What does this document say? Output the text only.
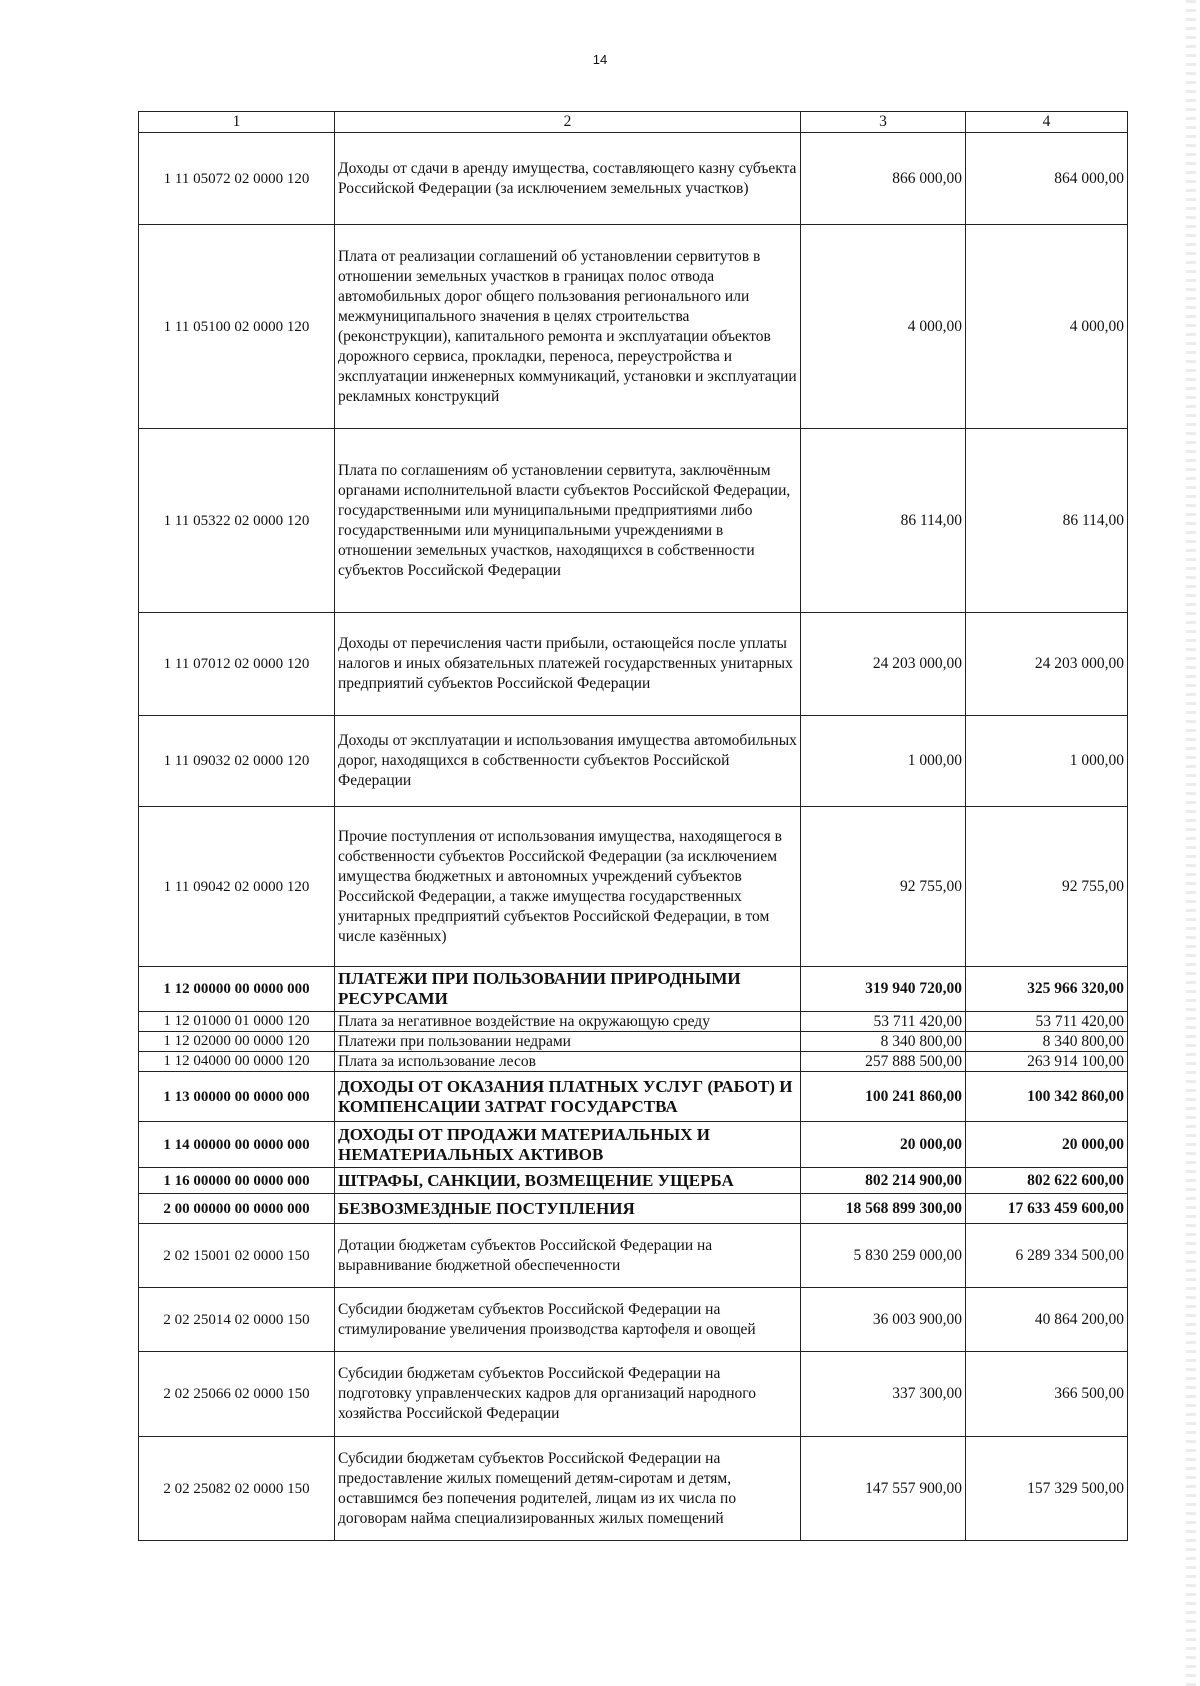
14
1	2	3	4
1 11 05072 02 0000 120	Доходы от сдачи в аренду имущества, составляющего казну субъекта Российской Федерации (за исключением земельных участков)	866 000,00	864 000,00
1 11 05100 02 0000 120	Плата от реализации соглашений об установлении сервитутов в отношении земельных участков в границах полос отвода автомобильных дорог общего пользования регионального или межмуниципального значения в целях строительства (реконструкции), капитального ремонта и эксплуатации объектов дорожного сервиса, прокладки, переноса, переустройства и эксплуатации инженерных коммуникаций, установки и эксплуатации рекламных конструкций	4 000,00	4 000,00
1 11 05322 02 0000 120	Плата по соглашениям об установлении сервитута, заключённым органами исполнительной власти субъектов Российской Федерации, государственными или муниципальными предприятиями либо государственными или муниципальными учреждениями в отношении земельных участков, находящихся в собственности субъектов Российской Федерации	86 114,00	86 114,00
1 11 07012 02 0000 120	Доходы от перечисления части прибыли, остающейся после уплаты налогов и иных обязательных платежей государственных унитарных предприятий субъектов Российской Федерации	24 203 000,00	24 203 000,00
1 11 09032 02 0000 120	Доходы от эксплуатации и использования имущества автомобильных дорог, находящихся в собственности субъектов Российской Федерации	1 000,00	1 000,00
1 11 09042 02 0000 120	Прочие поступления от использования имущества, находящегося в собственности субъектов Российской Федерации (за исключением имущества бюджетных и автономных учреждений субъектов Российской Федерации, а также имущества государственных унитарных предприятий субъектов Российской Федерации, в том числе казённых)	92 755,00	92 755,00
1 12 00000 00 0000 000	ПЛАТЕЖИ ПРИ ПОЛЬЗОВАНИИ ПРИРОДНЫМИ РЕСУРСАМИ	319 940 720,00	325 966 320,00
1 12 01000 01 0000 120	Плата за негативное воздействие на окружающую среду	53 711 420,00	53 711 420,00
1 12 02000 00 0000 120	Платежи при пользовании недрами	8 340 800,00	8 340 800,00
1 12 04000 00 0000 120	Плата за использование лесов	257 888 500,00	263 914 100,00
1 13 00000 00 0000 000	ДОХОДЫ ОТ ОКАЗАНИЯ ПЛАТНЫХ УСЛУГ (РАБОТ) И КОМПЕНСАЦИИ ЗАТРАТ ГОСУДАРСТВА	100 241 860,00	100 342 860,00
1 14 00000 00 0000 000	ДОХОДЫ ОТ ПРОДАЖИ МАТЕРИАЛЬНЫХ И НЕМАТЕРИАЛЬНЫХ АКТИВОВ	20 000,00	20 000,00
1 16 00000 00 0000 000	ШТРАФЫ, САНКЦИИ, ВОЗМЕЩЕНИЕ УЩЕРБА	802 214 900,00	802 622 600,00
2 00 00000 00 0000 000	БЕЗВОЗМЕЗДНЫЕ ПОСТУПЛЕНИЯ	18 568 899 300,00	17 633 459 600,00
2 02 15001 02 0000 150	Дотации бюджетам субъектов Российской Федерации на выравнивание бюджетной обеспеченности	5 830 259 000,00	6 289 334 500,00
2 02 25014 02 0000 150	Субсидии бюджетам субъектов Российской Федерации на стимулирование увеличения производства картофеля и овощей	36 003 900,00	40 864 200,00
2 02 25066 02 0000 150	Субсидии бюджетам субъектов Российской Федерации на подготовку управленческих кадров для организаций народного хозяйства Российской Федерации	337 300,00	366 500,00
2 02 25082 02 0000 150	Субсидии бюджетам субъектов Российской Федерации на предоставление жилых помещений детям-сиротам и детям, оставшимся без попечения родителей, лицам из их числа по договорам найма специализированных жилых помещений	147 557 900,00	157 329 500,00
